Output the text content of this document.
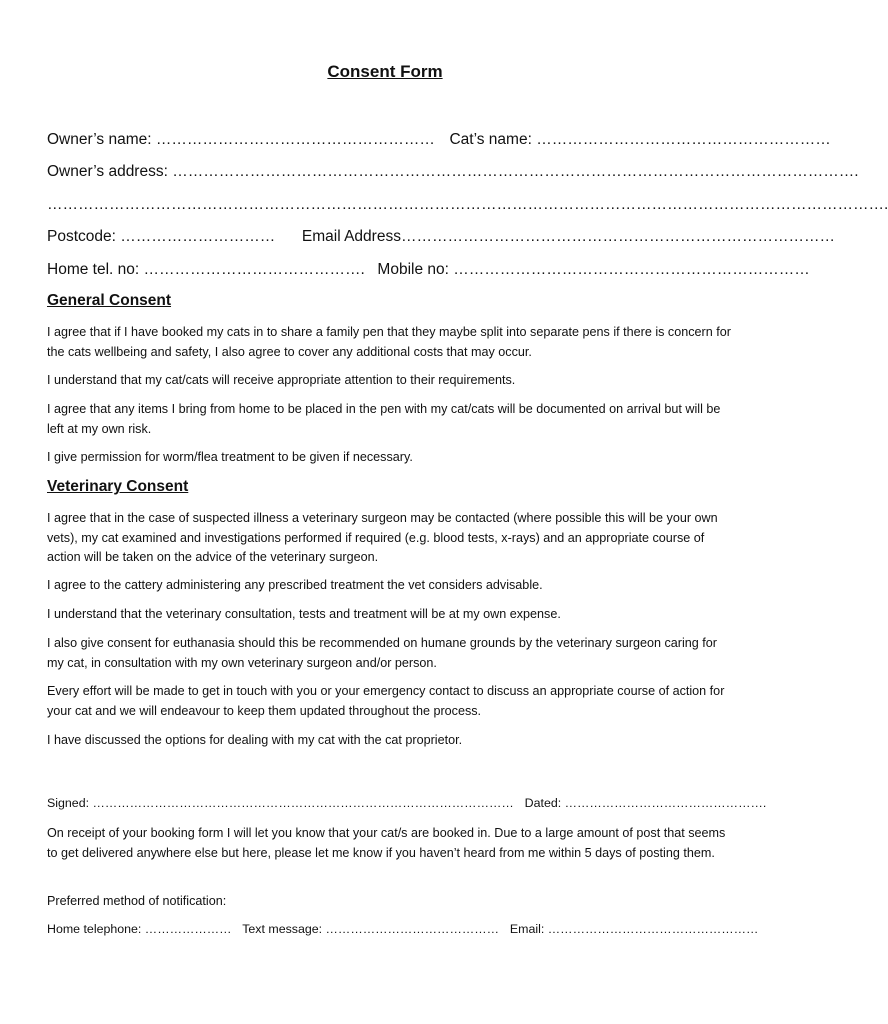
Consent Form
Owner’s name: ……………………………………………… Cat’s name: …………………………………………………
Owner’s address: …………………………………………………………………………………………………………………….
……………………………………………………………………………………………………………………………………………….
Postcode: ………………………… Email Address…………………………………………………………………………
Home tel. no: ……………………………………. Mobile no: ……………………………………………………………
General Consent
I agree that if I have booked my cats in to share a family pen that they maybe split into separate pens if there is concern for the cats wellbeing and safety, I also agree to cover any additional costs that may occur.
I understand that my cat/cats will receive appropriate attention to their requirements.
I agree that any items I bring from home to be placed in the pen with my cat/cats will be documented on arrival but will be left at my own risk.
I give permission for worm/flea treatment to be given if necessary.
Veterinary Consent
I agree that in the case of suspected illness a veterinary surgeon may be contacted (where possible this will be your own vets), my cat examined and investigations performed if required (e.g. blood tests, x-rays) and an appropriate course of action will be taken on the advice of the veterinary surgeon.
I agree to the cattery administering any prescribed treatment the vet considers advisable.
I understand that the veterinary consultation, tests and treatment will be at my own expense.
I also give consent for euthanasia should this be recommended on humane grounds by the veterinary surgeon caring for my cat, in consultation with my own veterinary surgeon and/or person.
Every effort will be made to get in touch with you or your emergency contact to discuss an appropriate course of action for your cat and we will endeavour to keep them updated throughout the process.
I have discussed the options for dealing with my cat with the cat proprietor.
Signed: ………………………………………………………………………………………… Dated: ………………………………………….
On receipt of your booking form I will let you know that your cat/s are booked in. Due to a large amount of post that seems to get delivered anywhere else but here, please let me know if you haven’t heard from me within 5 days of posting them.
Preferred method of notification:
Home telephone: ………………… Text message: …………………………………… Email: ……………………………………………
